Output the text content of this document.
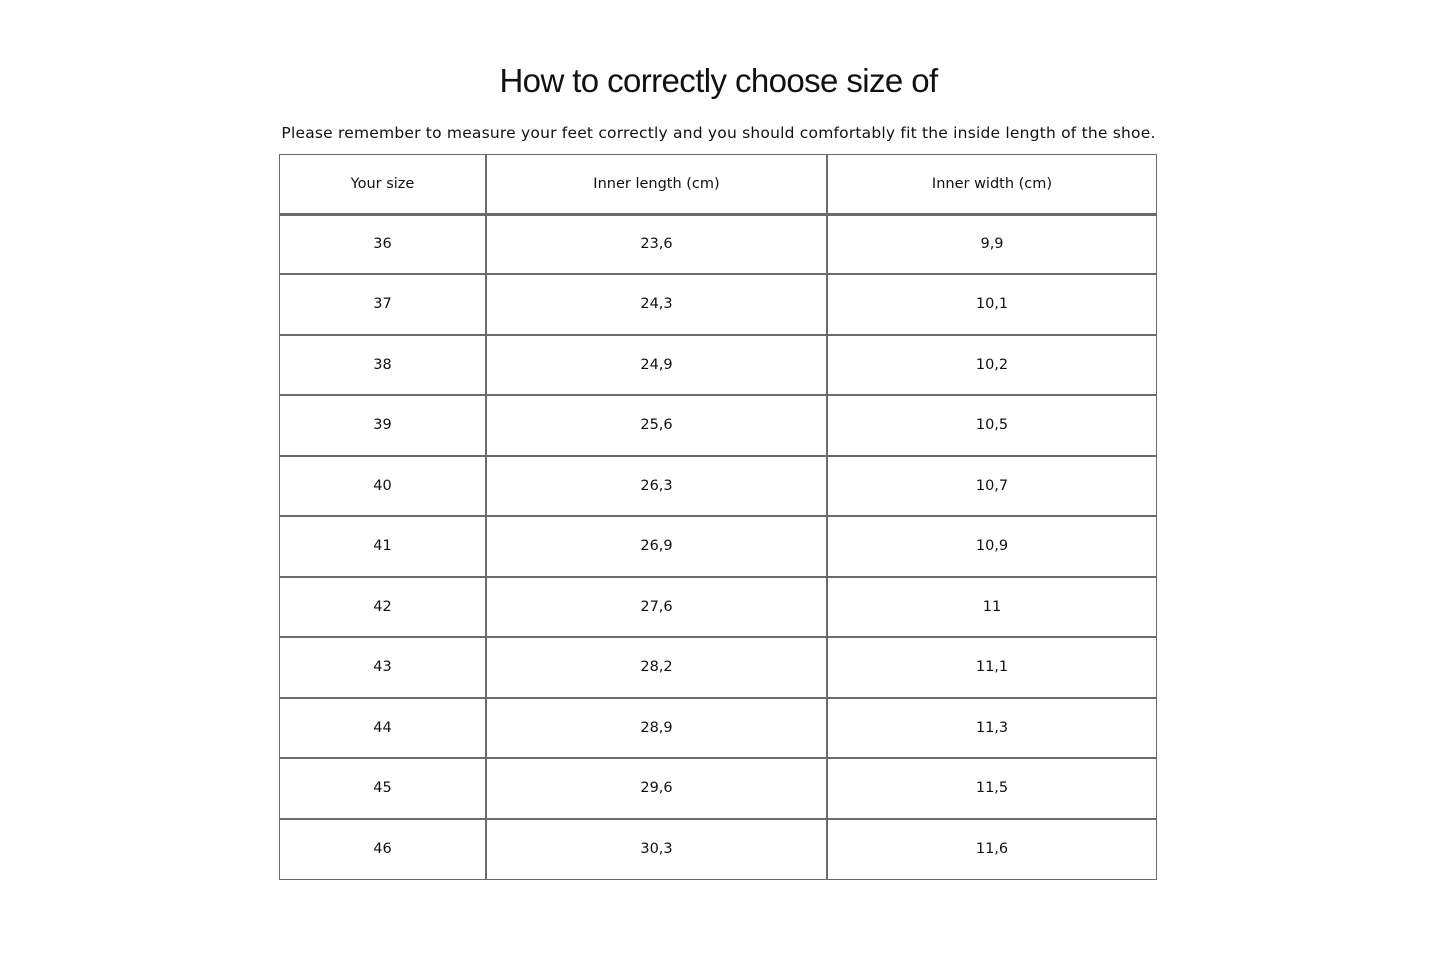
How to correctly choose size of

Please remember to measure your feet correctly and you should comfortably fit the inside length of the shoe.

Your size	Inner length (cm)	Inner width (cm)
36	23,6	9,9
37	24,3	10,1
38	24,9	10,2
39	25,6	10,5
40	26,3	10,7
41	26,9	10,9
42	27,6	11
43	28,2	11,1
44	28,9	11,3
45	29,6	11,5
46	30,3	11,6
